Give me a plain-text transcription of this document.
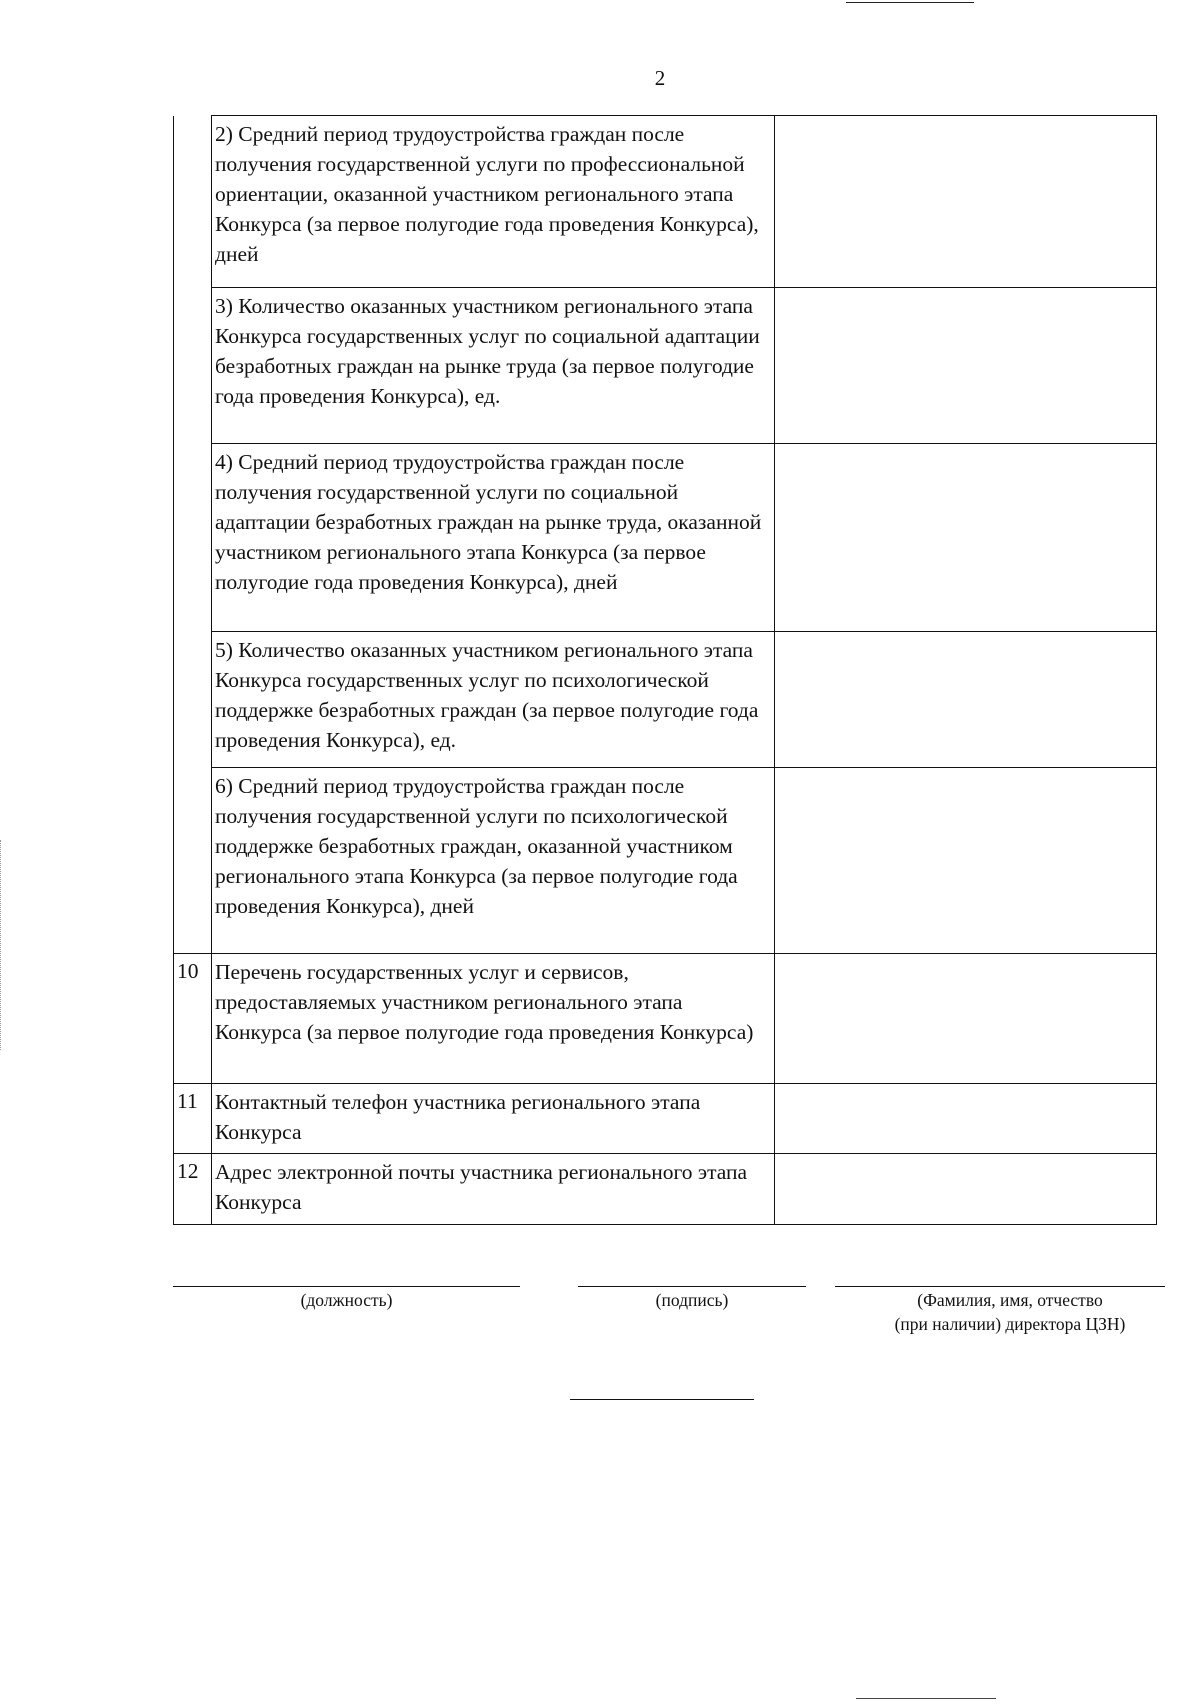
2
	2) Средний период трудоустройства граждан после получения государственной услуги по профессиональной ориентации, оказанной участником регионального этапа Конкурса (за первое полугодие года проведения Конкурса), дней	
	3) Количество оказанных участником регионального этапа Конкурса государственных услуг по социальной адаптации безработных граждан на рынке труда (за первое полугодие года проведения Конкурса), ед.	
	4) Средний период трудоустройства граждан после получения государственной услуги по социальной адаптации безработных граждан на рынке труда, оказанной участником регионального этапа Конкурса (за первое полугодие года проведения Конкурса), дней	
	5) Количество оказанных участником регионального этапа Конкурса государственных услуг по психологической поддержке безработных граждан (за первое полугодие года проведения Конкурса), ед.	
	6) Средний период трудоустройства граждан после получения государственной услуги по психологической поддержке безработных граждан, оказанной участником регионального этапа Конкурса (за первое полугодие года проведения Конкурса), дней	
10	Перечень государственных услуг и сервисов, предоставляемых участником регионального этапа Конкурса (за первое полугодие года проведения Конкурса)	
11	Контактный телефон участника регионального этапа Конкурса	
12	Адрес электронной почты участника регионального этапа Конкурса	
(должность)	(подпись)	(Фамилия, имя, отчество
(при наличии) директора ЦЗН)
